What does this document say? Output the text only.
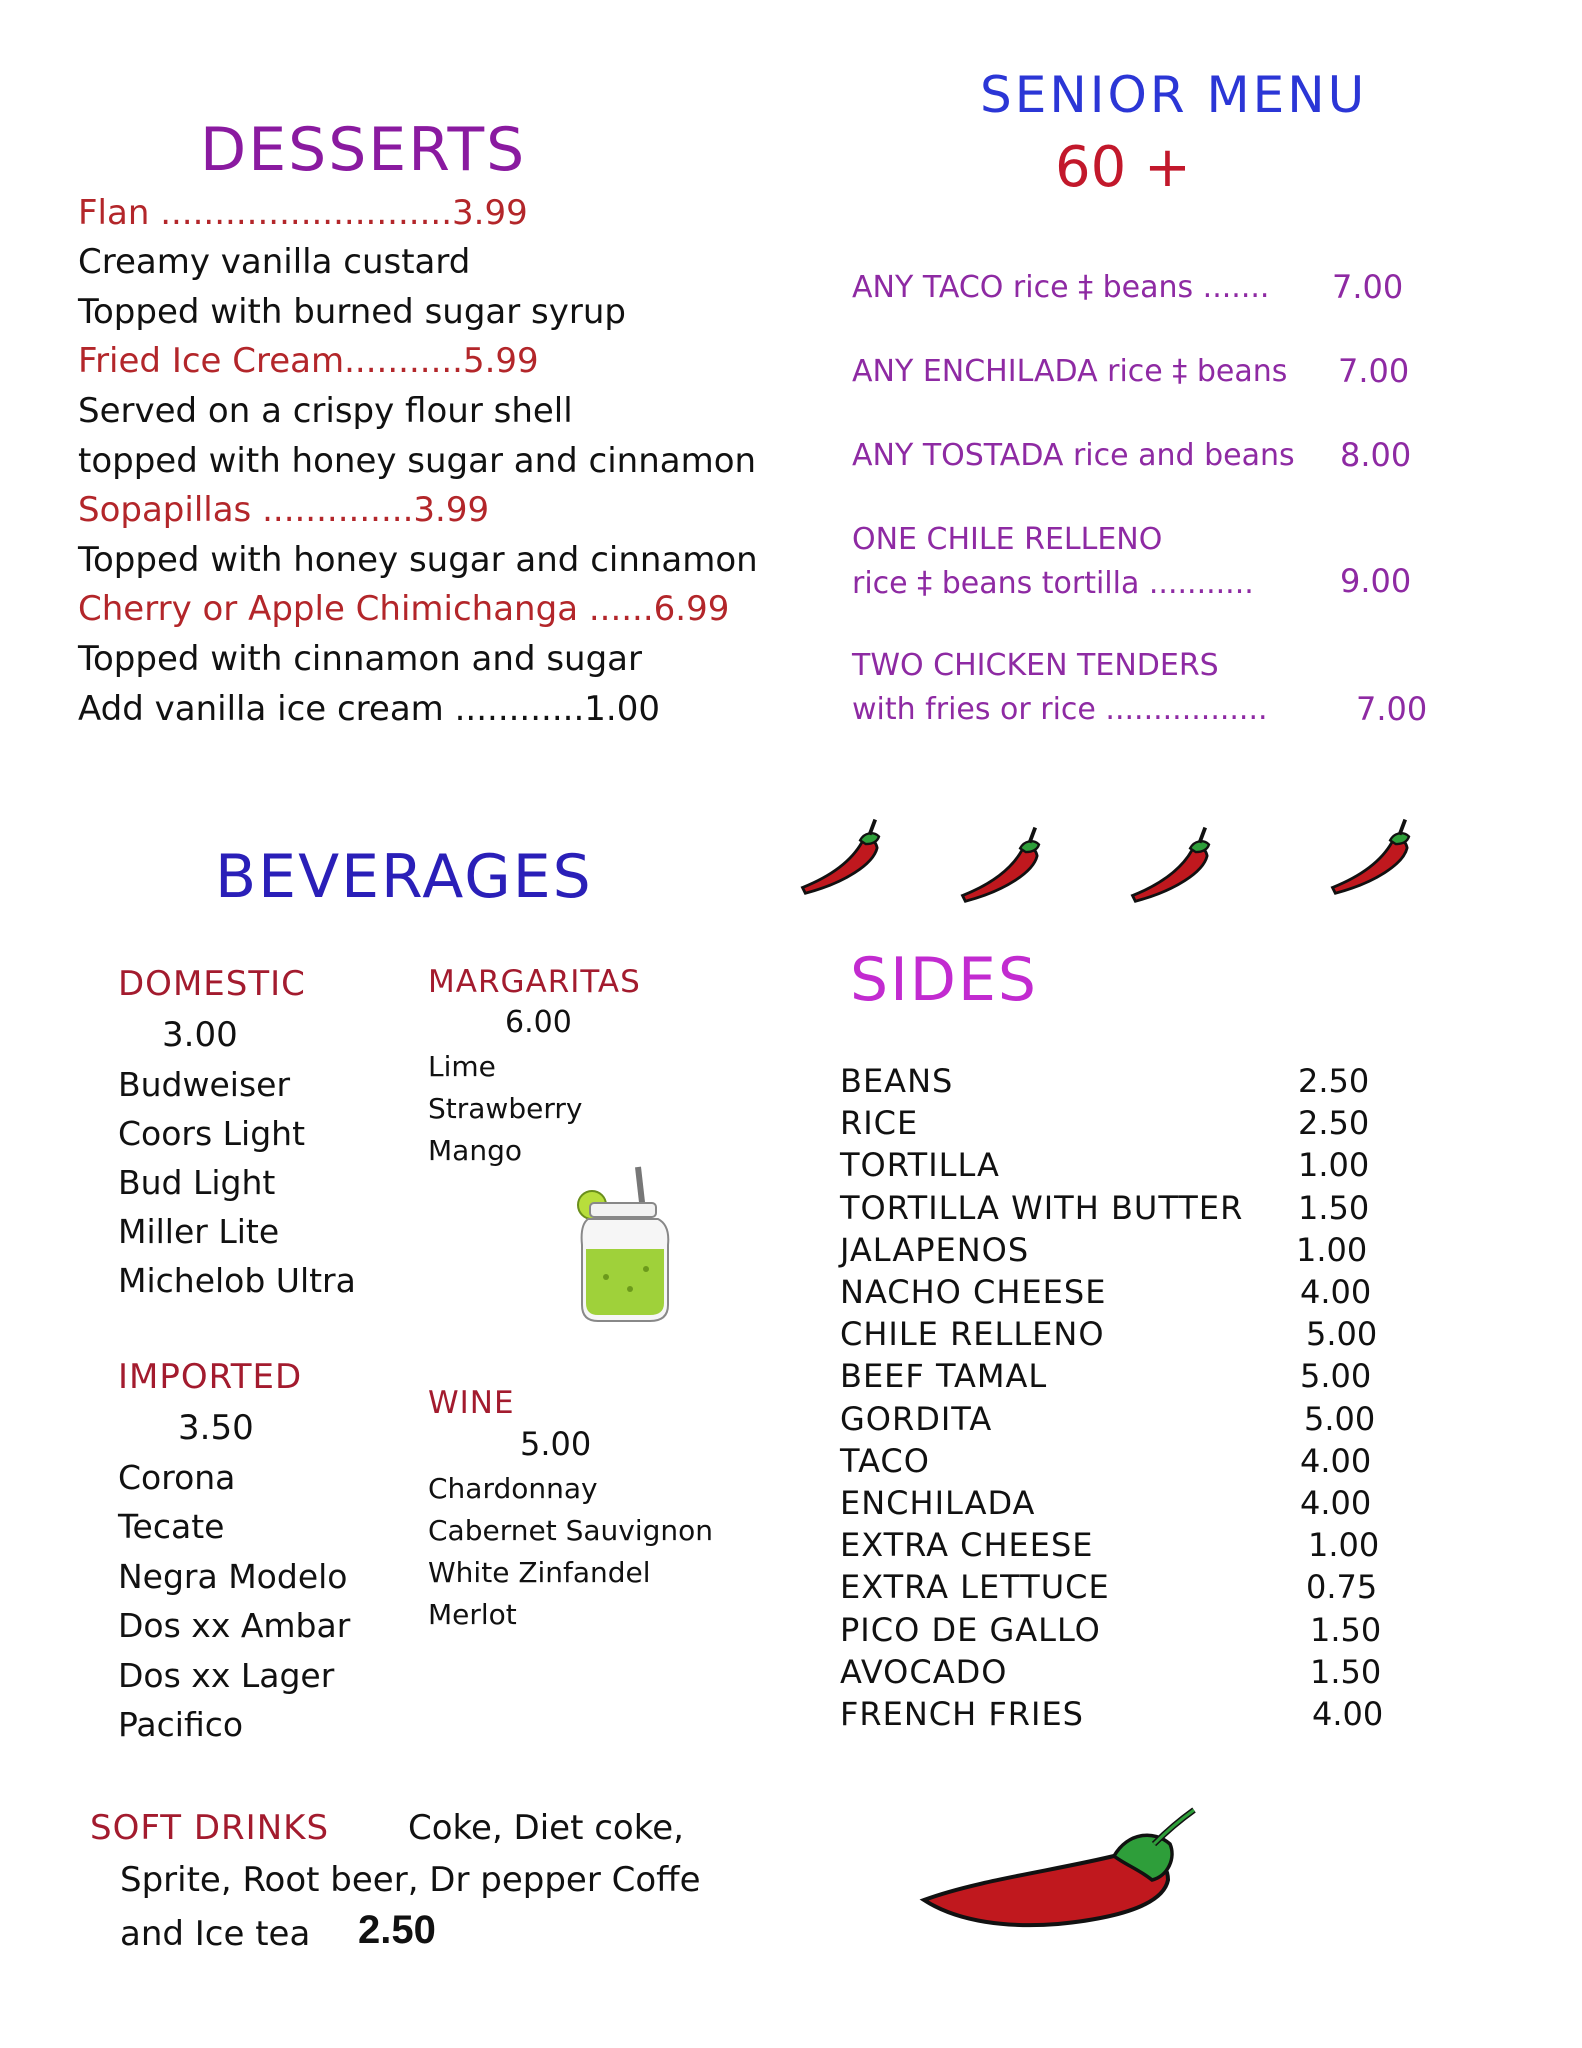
DESSERTS
Flan ...........................3.99
Creamy vanilla custard
Topped with burned sugar syrup
Fried Ice Cream...........5.99
Served on a crispy flour shell
topped with honey sugar and cinnamon
Sopapillas ..............3.99
Topped with honey sugar and cinnamon
Cherry or Apple Chimichanga ......6.99
Topped with cinnamon and sugar
Add vanilla ice cream ............1.00
SENIOR MENU
60 +
ANY TACO rice ‡ beans ....... 7.00
ANY ENCHILADA rice ‡ beans 7.00
ANY TOSTADA rice and beans 8.00
ONE CHILE RELLENO
rice ‡ beans tortilla ...........	9.00
TWO CHICKEN TENDERS
with fries or rice .................	7.00
BEVERAGES
DOMESTIC
3.00
Budweiser
Coors Light
Bud Light
Miller Lite
Michelob Ultra
MARGARITAS
6.00
Lime
Strawberry
Mango
IMPORTED
3.50
Corona
Tecate
Negra Modelo
Dos xx Ambar
Dos xx Lager
Pacifico
WINE
5.00
Chardonnay
Cabernet Sauvignon
White Zinfandel
Merlot
SOFT DRINKS Coke, Diet coke,
Sprite, Root beer, Dr pepper Coffe
and Ice tea 2.50
SIDES
BEANS	2.50
RICE	2.50
TORTILLA	1.00
TORTILLA WITH BUTTER 1.50
JALAPENOS	1.00
NACHO CHEESE	4.00
CHILE RELLENO	5.00
BEEF TAMAL	5.00
GORDITA	5.00
TACO	4.00
ENCHILADA	4.00
EXTRA CHEESE	1.00
EXTRA LETTUCE	0.75
PICO DE GALLO	1.50
AVOCADO	1.50
FRENCH FRIES	4.00
